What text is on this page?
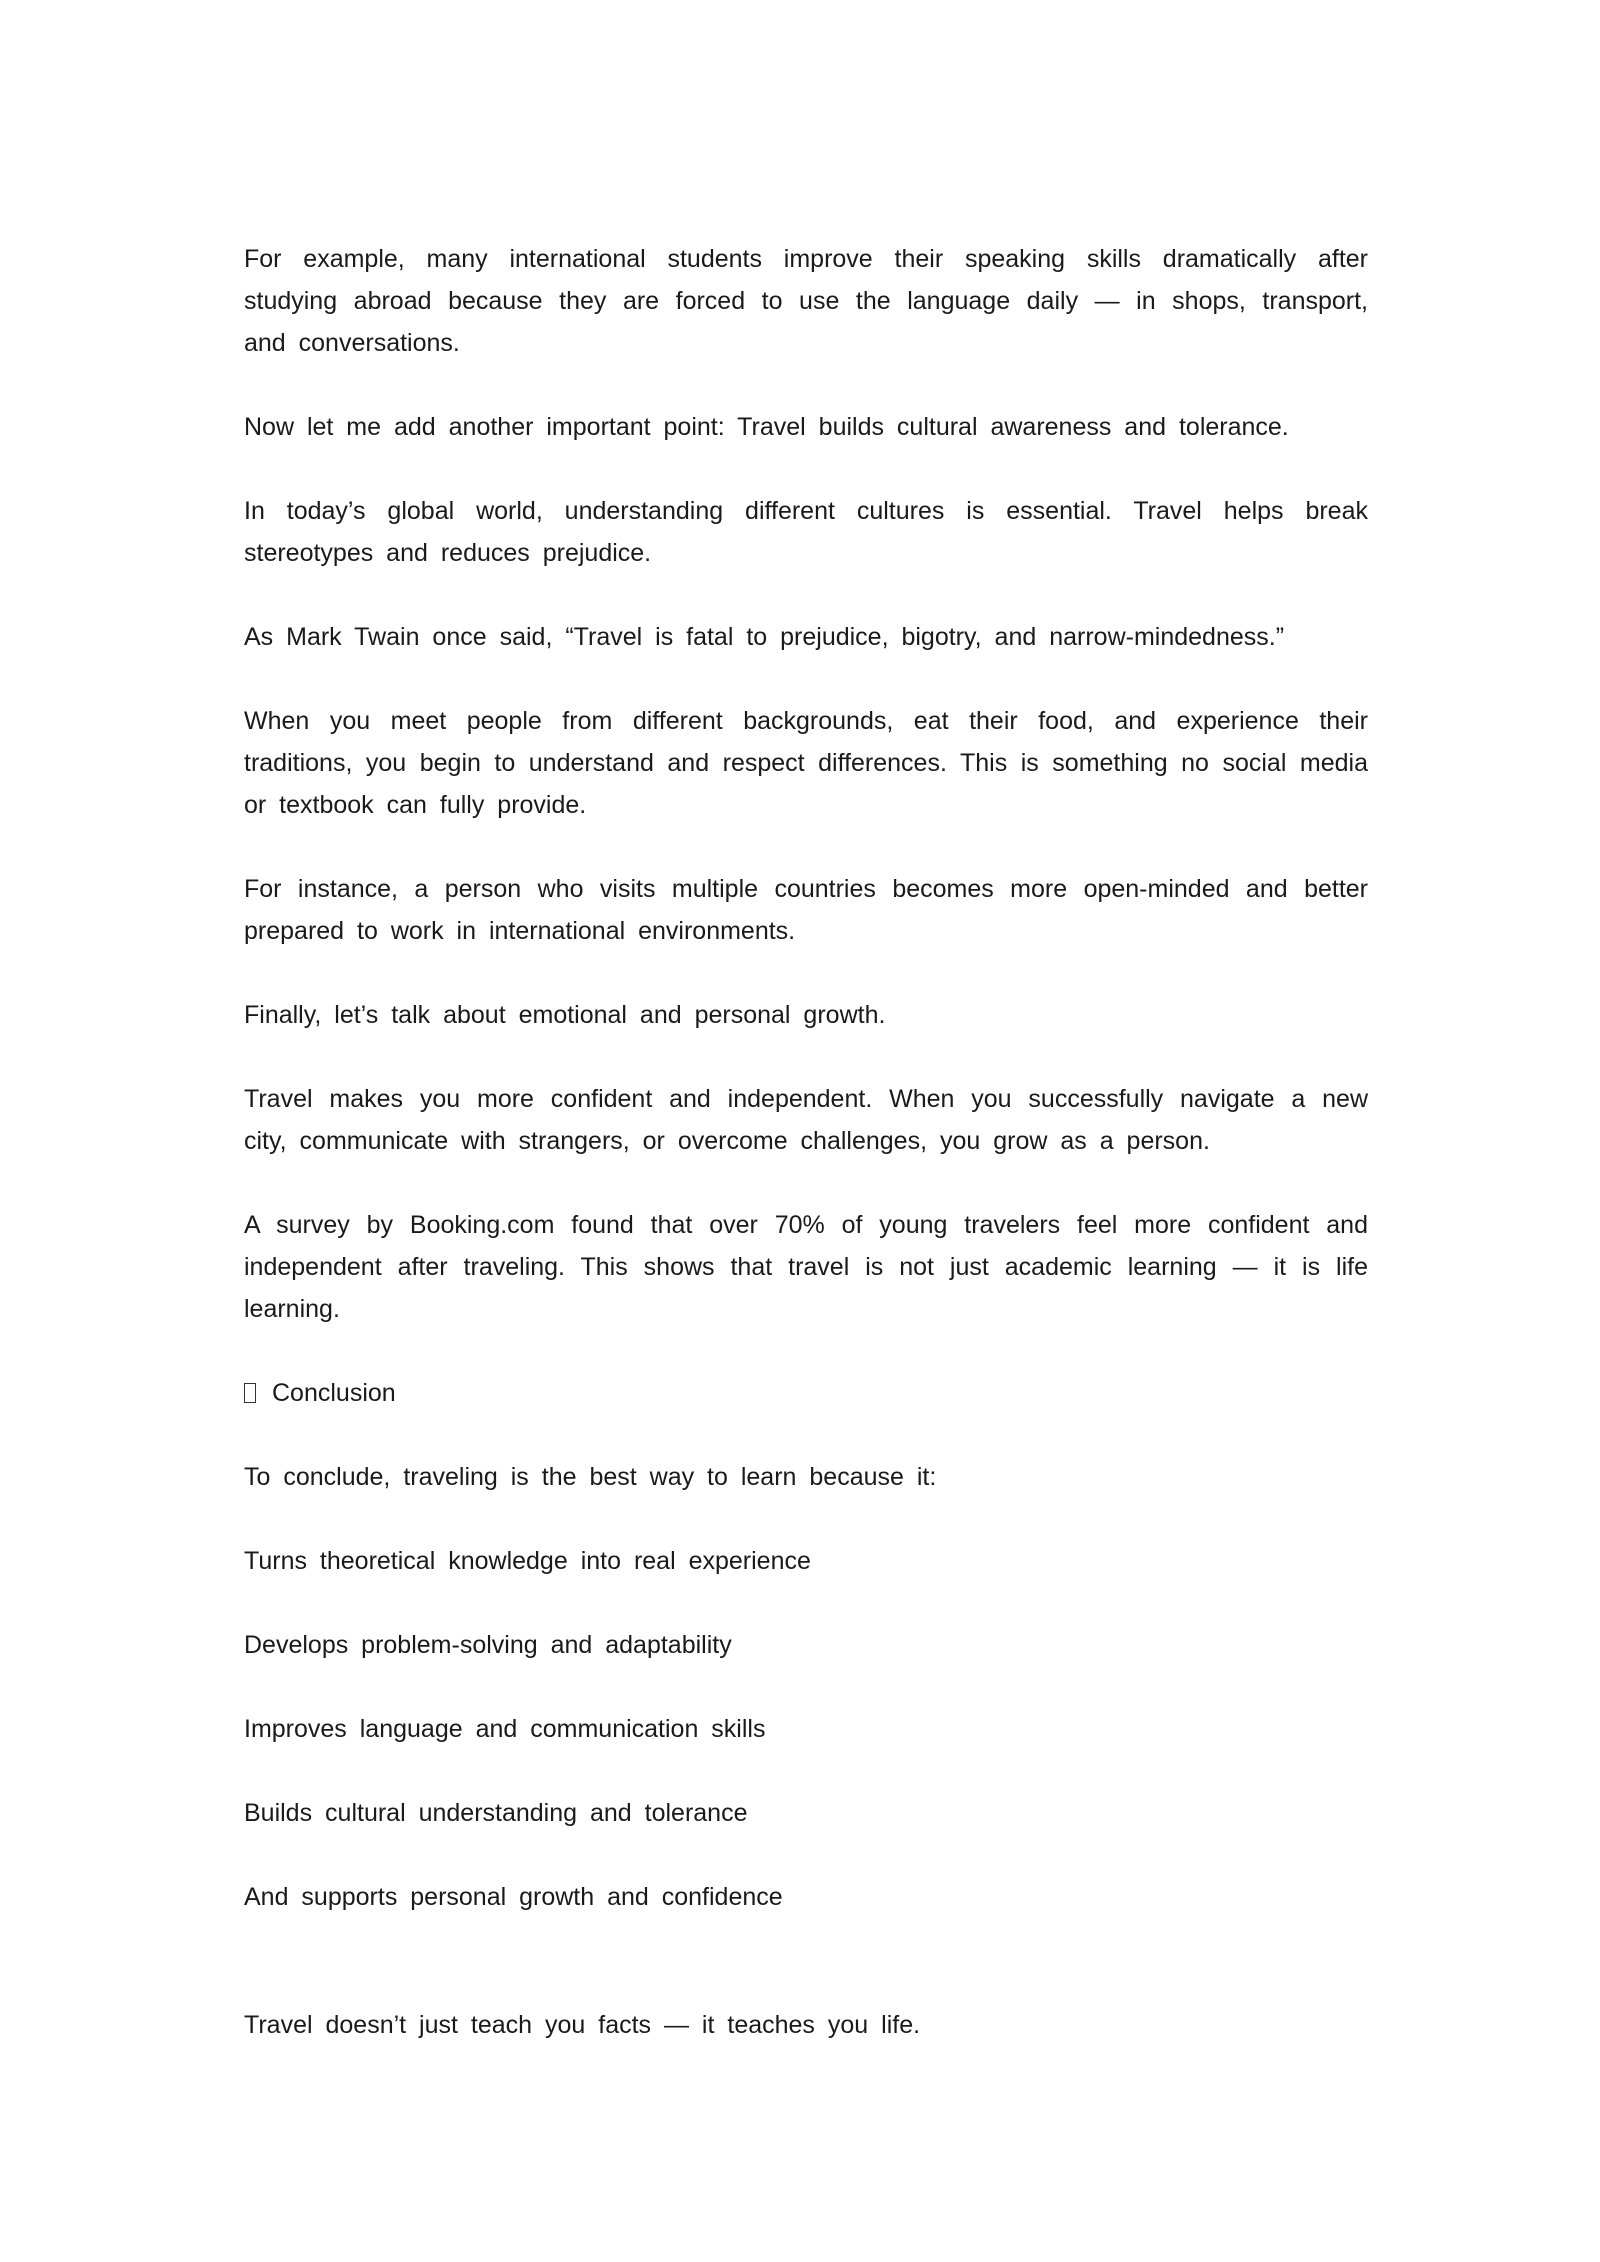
For example, many international students improve their speaking skills dramatically after studying abroad because they are forced to use the language daily — in shops, transport, and conversations.

Now let me add another important point: Travel builds cultural awareness and tolerance.

In today’s global world, understanding different cultures is essential. Travel helps break stereotypes and reduces prejudice.

As Mark Twain once said, “Travel is fatal to prejudice, bigotry, and narrow-mindedness.”

When you meet people from different backgrounds, eat their food, and experience their traditions, you begin to understand and respect differences. This is something no social media or textbook can fully provide.

For instance, a person who visits multiple countries becomes more open-minded and better prepared to work in international environments.

Finally, let’s talk about emotional and personal growth.

Travel makes you more confident and independent. When you successfully navigate a new city, communicate with strangers, or overcome challenges, you grow as a person.

A survey by Booking.com found that over 70% of young travelers feel more confident and independent after traveling. This shows that travel is not just academic learning — it is life learning.

Conclusion

To conclude, traveling is the best way to learn because it:

Turns theoretical knowledge into real experience
Develops problem-solving and adaptability
Improves language and communication skills
Builds cultural understanding and tolerance
And supports personal growth and confidence

Travel doesn’t just teach you facts — it teaches you life.
